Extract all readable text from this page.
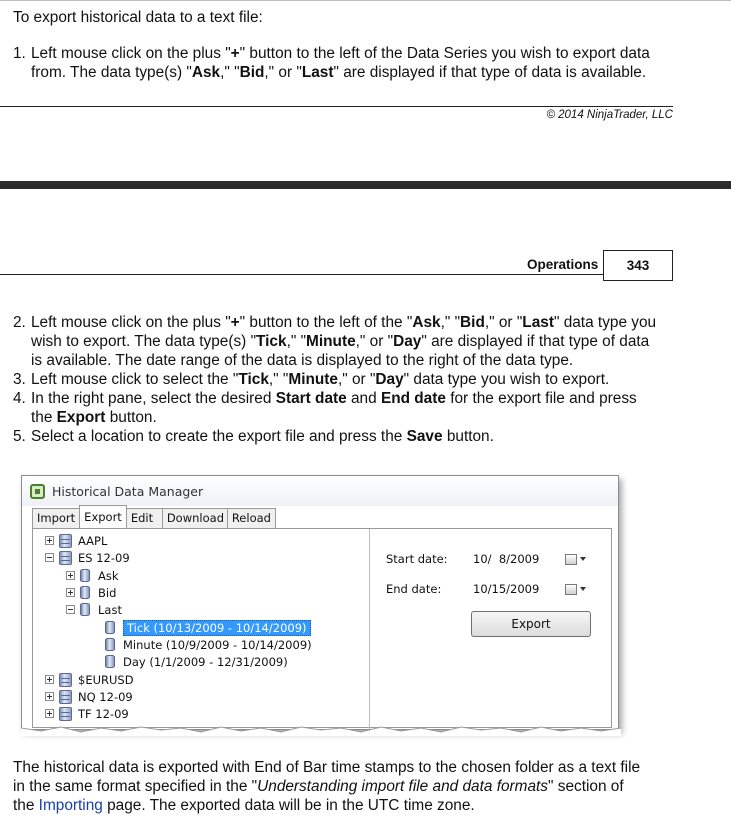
To export historical data to a text file:
1. Left mouse click on the plus "+" button to the left of the Data Series you wish to export data
from. The data type(s) "Ask," "Bid," or "Last" are displayed if that type of data is available.
© 2014 NinjaTrader, LLC
Operations	343
2. Left mouse click on the plus "+" button to the left of the "Ask," "Bid," or "Last" data type you
wish to export. The data type(s) "Tick," "Minute," or "Day" are displayed if that type of data
is available. The date range of the data is displayed to the right of the data type.
3. Left mouse click to select the "Tick," "Minute," or "Day" data type you wish to export.
4. In the right pane, select the desired Start date and End date for the export file and press
the Export button.
5. Select a location to create the export file and press the Save button.
Historical Data Manager
Import Export Edit	Download Reload
AAPL
ES 12-09
Ask
Bid
Last
Tick (10/13/2009 - 10/14/2009)
Minute (10/9/2009 - 10/14/2009)
Day (1/1/2009 - 12/31/2009)
$EURUSD
NQ 12-09
TF 12-09
Start date: 10/  8/2009
End date:	10/15/2009
Export
The historical data is exported with End of Bar time stamps to the chosen folder as a text file
in the same format specified in the "Understanding import file and data formats" section of
the Importing page. The exported data will be in the UTC time zone.
